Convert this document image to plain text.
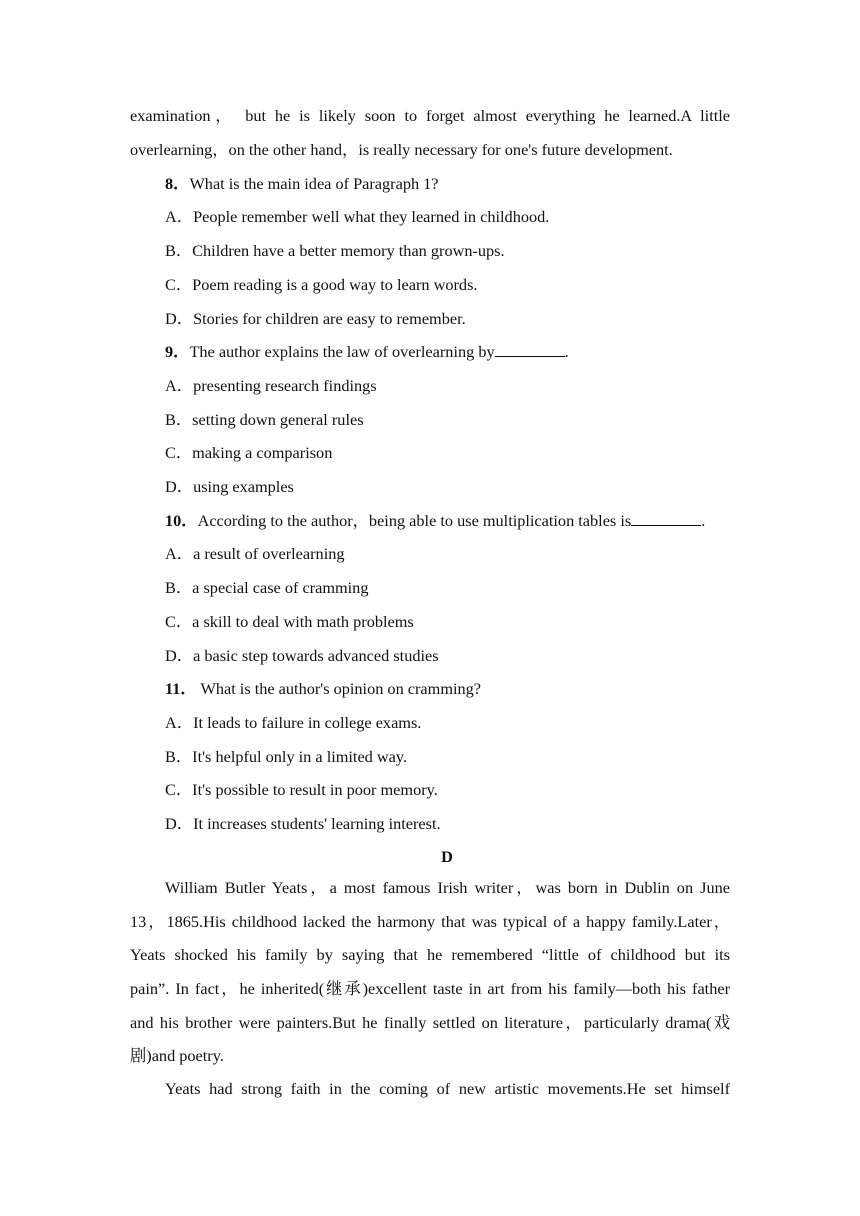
examination， but he is likely soon to forget almost everything he learned.A little
overlearning，on the other hand，is really necessary for one's future development.
8．What is the main idea of Paragraph 1?
A．People remember well what they learned in childhood.
B．Children have a better memory than grown-ups.
C．Poem reading is a good way to learn words.
D．Stories for children are easy to remember.
9．The author explains the law of overlearning by	.
A．presenting research findings
B．setting down general rules
C．making a comparison
D．using examples
10．According to the author，being able to use multiplication tables is	.
A．a result of overlearning
B．a special case of cramming
C．a skill to deal with math problems
D．a basic step towards advanced studies
11． What is the author's opinion on cramming?
A．It leads to failure in college exams.
B．It's helpful only in a limited way.
C．It's possible to result in poor memory.
D．It increases students' learning interest.
D
William Butler Yeats，a most famous Irish writer，was born in Dublin on June
13，1865.His childhood lacked the harmony that was typical of a happy family.Later，
Yeats shocked his family by saying that he remembered “little of childhood but its
pain”. In fact，he inherited(继承)excellent taste in art from his family—both his father
and his brother were painters.But he finally settled on literature，particularly drama(戏
剧)and poetry.
Yeats had strong faith in the coming of new artistic movements.He set himself
